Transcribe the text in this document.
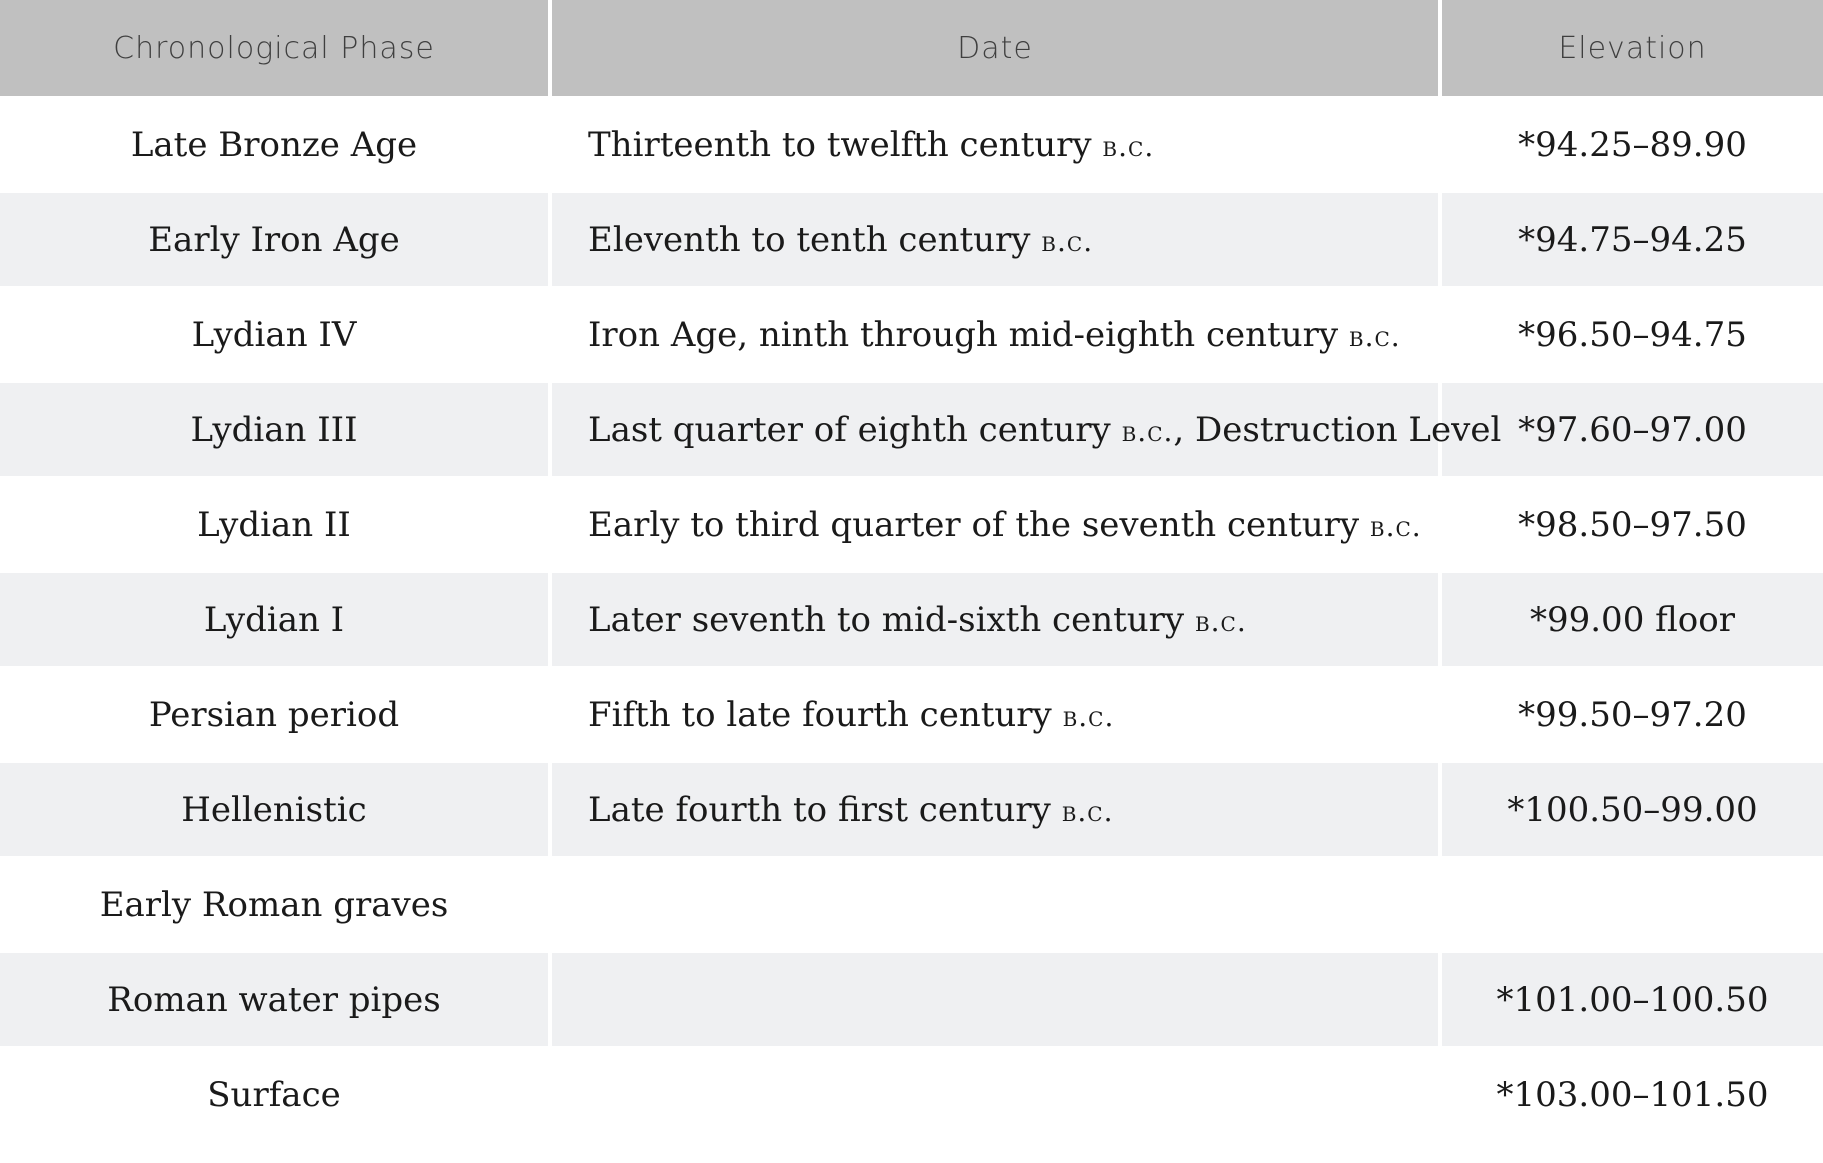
Chronological Phase	Date	Elevation
Late Bronze Age	Thirteenth to twelfth century b.c.	*94.25–89.90
Early Iron Age	Eleventh to tenth century b.c.	*94.75–94.25
Lydian IV	Iron Age, ninth through mid-eighth century b.c.	*96.50–94.75
Lydian III	Last quarter of eighth century b.c., Destruction Level	*97.60–97.00
Lydian II	Early to third quarter of the seventh century b.c.	*98.50–97.50
Lydian I	Later seventh to mid-sixth century b.c.	*99.00 floor
Persian period	Fifth to late fourth century b.c.	*99.50–97.20
Hellenistic	Late fourth to first century b.c.	*100.50–99.00
Early Roman graves		
Roman water pipes		*101.00–100.50
Surface		*103.00–101.50
